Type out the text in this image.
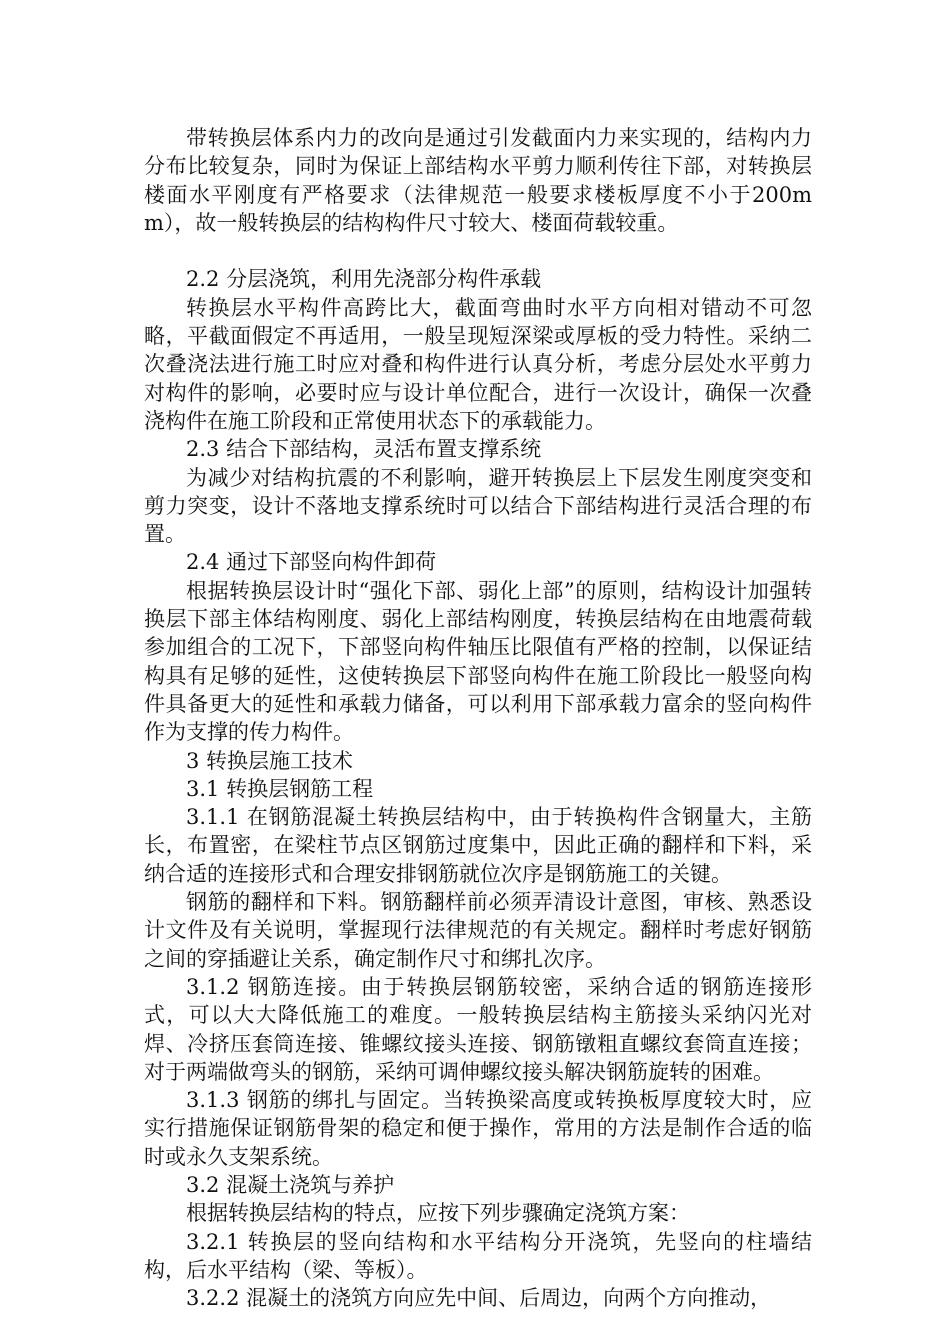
带转换层体系内力的改向是通过引发截面内力来实现的，结构内力分布比较复杂，同时为保证上部结构水平剪力顺利传往下部，对转换层楼面水平刚度有严格要求（法律规范一般要求楼板厚度不小于200mm），故一般转换层的结构构件尺寸较大、楼面荷载较重。

2.2 分层浇筑，利用先浇部分构件承载

转换层水平构件高跨比大，截面弯曲时水平方向相对错动不可忽略，平截面假定不再适用，一般呈现短深梁或厚板的受力特性。采纳二次叠浇法进行施工时应对叠和构件进行认真分析，考虑分层处水平剪力对构件的影响，必要时应与设计单位配合，进行一次设计，确保一次叠浇构件在施工阶段和正常使用状态下的承载能力。

2.3 结合下部结构，灵活布置支撑系统

为减少对结构抗震的不利影响，避开转换层上下层发生刚度突变和剪力突变，设计不落地支撑系统时可以结合下部结构进行灵活合理的布置。

2.4 通过下部竖向构件卸荷

根据转换层设计时“强化下部、弱化上部”的原则，结构设计加强转换层下部主体结构刚度、弱化上部结构刚度，转换层结构在由地震荷载参加组合的工况下，下部竖向构件轴压比限值有严格的控制，以保证结构具有足够的延性，这使转换层下部竖向构件在施工阶段比一般竖向构件具备更大的延性和承载力储备，可以利用下部承载力富余的竖向构件作为支撑的传力构件。

3 转换层施工技术

3.1 转换层钢筋工程

3.1.1 在钢筋混凝土转换层结构中，由于转换构件含钢量大，主筋长，布置密，在梁柱节点区钢筋过度集中，因此正确的翻样和下料，采纳合适的连接形式和合理安排钢筋就位次序是钢筋施工的关键。

钢筋的翻样和下料。钢筋翻样前必须弄清设计意图，审核、熟悉设计文件及有关说明，掌握现行法律规范的有关规定。翻样时考虑好钢筋之间的穿插避让关系，确定制作尺寸和绑扎次序。

3.1.2 钢筋连接。由于转换层钢筋较密，采纳合适的钢筋连接形式，可以大大降低施工的难度。一般转换层结构主筋接头采纳闪光对焊、冷挤压套筒连接、锥螺纹接头连接、钢筋镦粗直螺纹套筒直连接；对于两端做弯头的钢筋，采纳可调伸螺纹接头解决钢筋旋转的困难。

3.1.3 钢筋的绑扎与固定。当转换梁高度或转换板厚度较大时，应实行措施保证钢筋骨架的稳定和便于操作，常用的方法是制作合适的临时或永久支架系统。

3.2 混凝土浇筑与养护

根据转换层结构的特点，应按下列步骤确定浇筑方案：

3.2.1 转换层的竖向结构和水平结构分开浇筑，先竖向的柱墙结构，后水平结构（梁、等板）。

3.2.2 混凝土的浇筑方向应先中间、后周边，向两个方向推动，
